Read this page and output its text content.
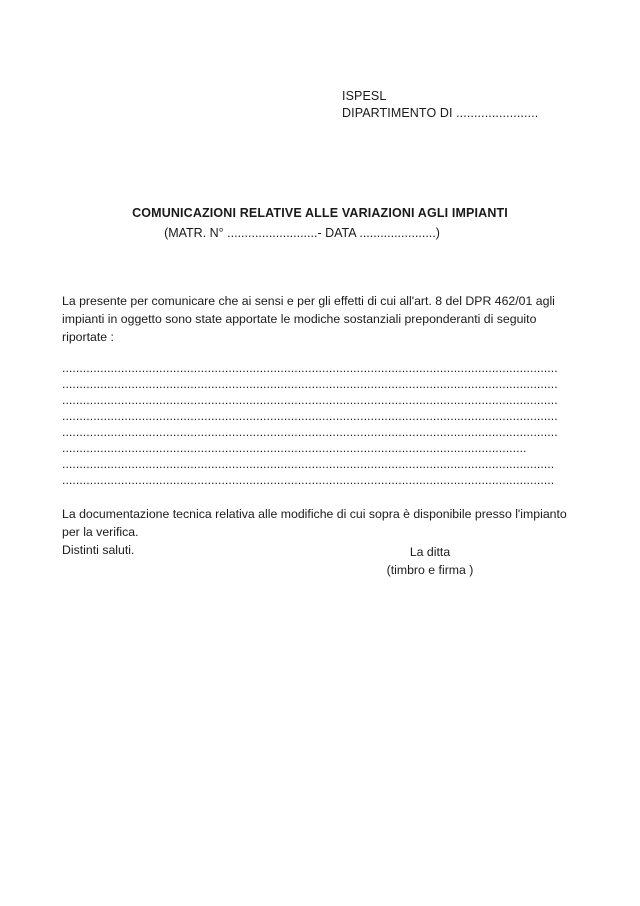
ISPESL
DIPARTIMENTO DI .......................
COMUNICAZIONI RELATIVE ALLE VARIAZIONI AGLI IMPIANTI
(MATR. N° ..........................- DATA ......................)
La presente per comunicare che ai sensi e per gli effetti di cui all'art. 8 del DPR 462/01 agli impianti in oggetto sono state apportate le modiche sostanziali preponderanti di seguito riportate :
...............................................................................................................................................
...............................................................................................................................................
...............................................................................................................................................
...............................................................................................................................................
...............................................................................................................................................
......................................................................................................................................
..............................................................................................................................................
..............................................................................................................................................
La documentazione tecnica relativa alle modifiche di cui sopra è disponibile presso l'impianto per la verifica.
Distinti saluti.	La ditta
(timbro e firma )
